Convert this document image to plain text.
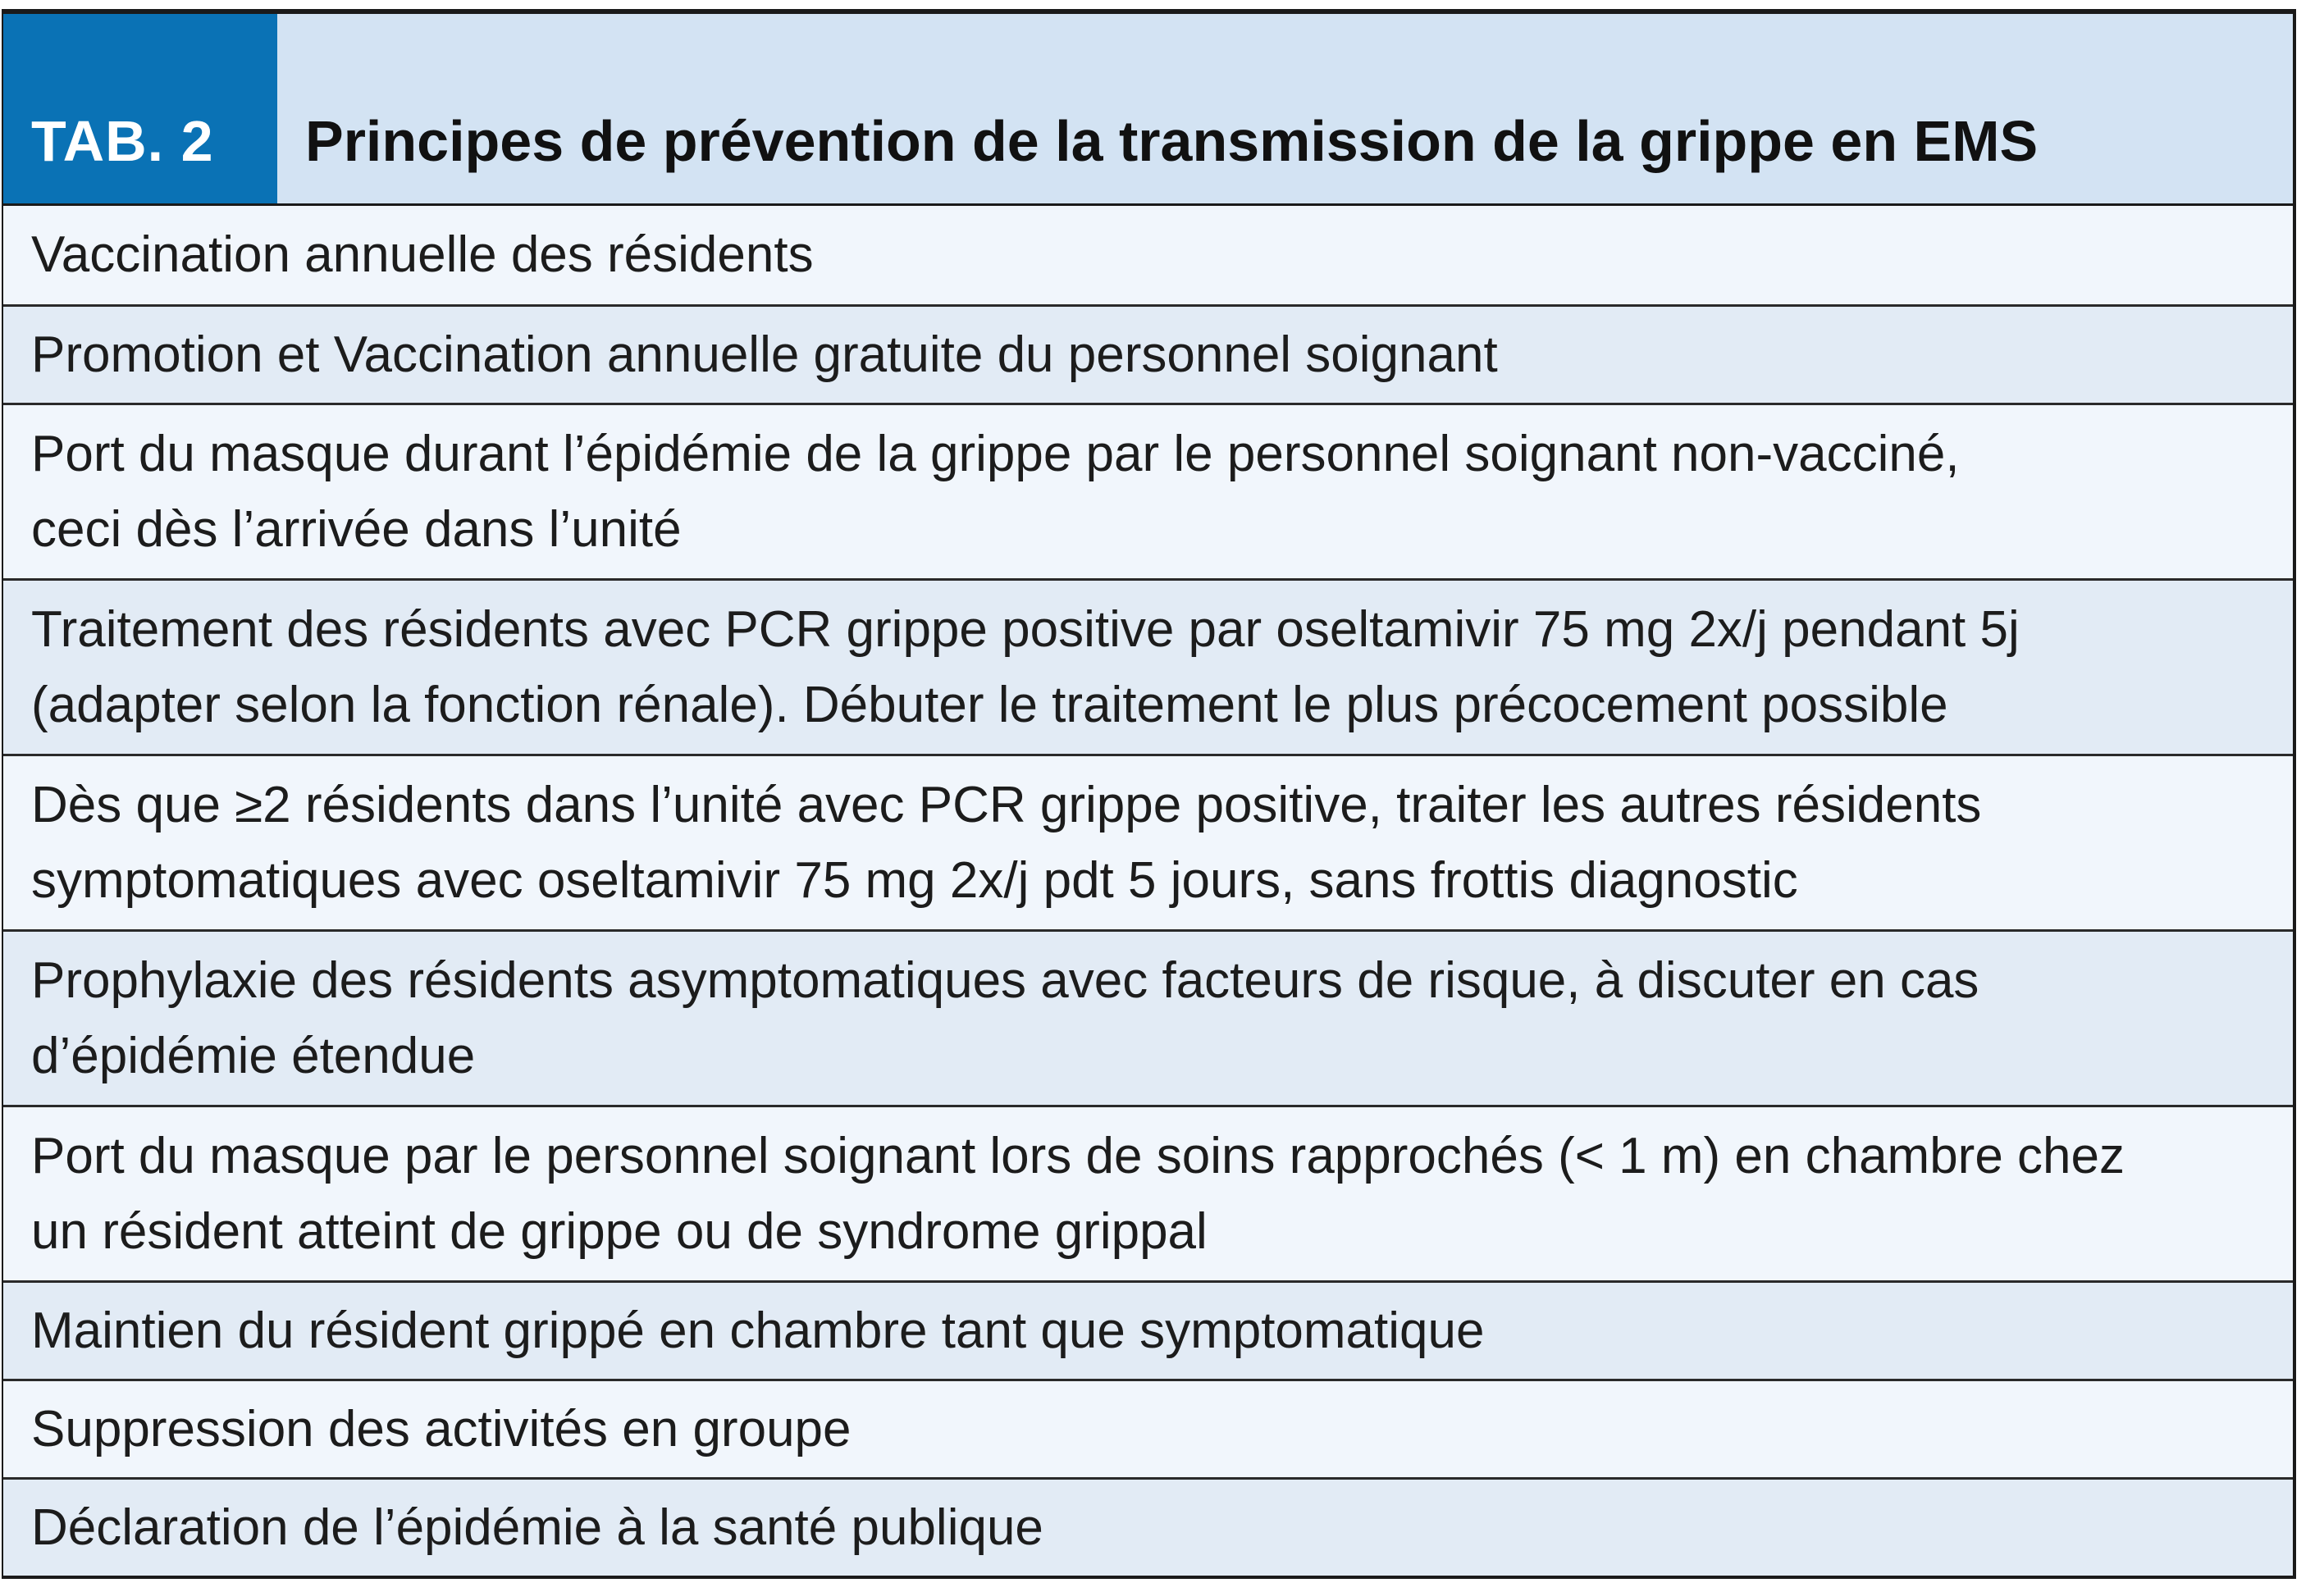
TAB. 2	Principes de prévention de la transmission de la grippe en EMS
Vaccination annuelle des résidents
Promotion et Vaccination annuelle gratuite du personnel soignant
Port du masque durant l’épidémie de la grippe par le personnel soignant non-vacciné,
ceci dès l’arrivée dans l’unité
Traitement des résidents avec PCR grippe positive par oseltamivir 75 mg 2x/j pendant 5j
(adapter selon la fonction rénale). Débuter le traitement le plus précocement possible
Dès que ≥2 résidents dans l’unité avec PCR grippe positive, traiter les autres résidents
symptomatiques avec oseltamivir 75 mg 2x/j pdt 5 jours, sans frottis diagnostic
Prophylaxie des résidents asymptomatiques avec facteurs de risque, à discuter en cas
d’épidémie étendue
Port du masque par le personnel soignant lors de soins rapprochés (< 1 m) en chambre chez
un résident atteint de grippe ou de syndrome grippal
Maintien du résident grippé en chambre tant que symptomatique
Suppression des activités en groupe
Déclaration de l’épidémie à la santé publique
